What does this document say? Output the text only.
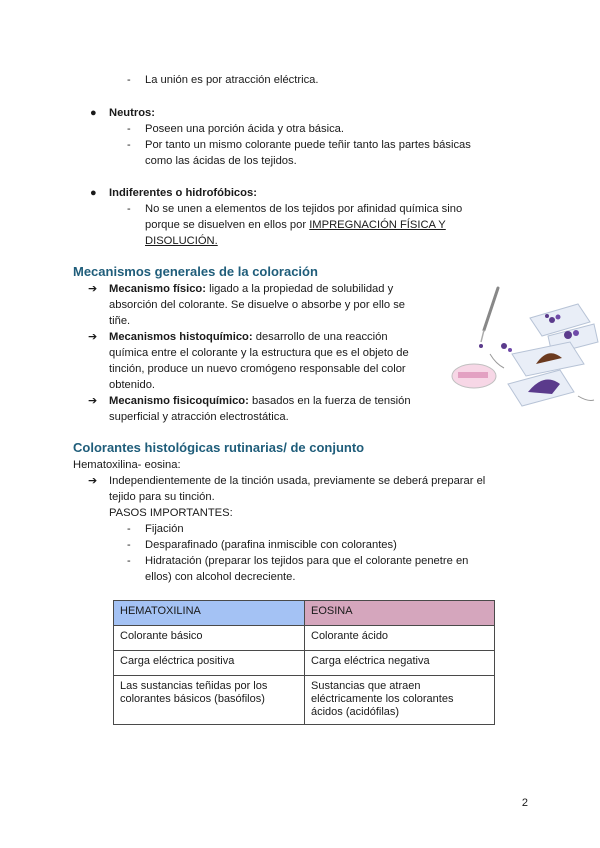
- La unión es por atracción eléctrica.
● Neutros:
- Poseen una porción ácida y otra básica.
- Por tanto un mismo colorante puede teñir tanto las partes básicas
como las ácidas de los tejidos.
● Indiferentes o hidrofóbicos:
- No se unen a elementos de los tejidos por afinidad química sino
porque se disuelven en ellos por IMPREGNACIÓN FÍSICA Y
DISOLUCIÓN.
Mecanismos generales de la coloración
➔ Mecanismo físico: ligado a la propiedad de solubilidad y
absorción del colorante. Se disuelve o absorbe y por ello se
tiñe.
➔ Mecanismos histoquímico: desarrollo de una reacción
química entre el colorante y la estructura que es el objeto de
tinción, produce un nuevo cromógeno responsable del color
obtenido.
➔ Mecanismo fisicoquímico: basados en la fuerza de tensión
superficial y atracción electrostática.
Colorantes histológicas rutinarias/ de conjunto
Hematoxilina- eosina:
➔ Independientemente de la tinción usada, previamente se deberá preparar el
tejido para su tinción.
PASOS IMPORTANTES:
- Fijación
- Desparafinado (parafina inmiscible con colorantes)
- Hidratación (preparar los tejidos para que el colorante penetre en
ellos) con alcohol decreciente.
HEMATOXILINA	EOSINA
Colorante básico	Colorante ácido
Carga eléctrica positiva	Carga eléctrica negativa
Las sustancias teñidas por los colorantes básicos (basófilos)	Sustancias que atraen eléctricamente los colorantes ácidos (acidófilas)
2
